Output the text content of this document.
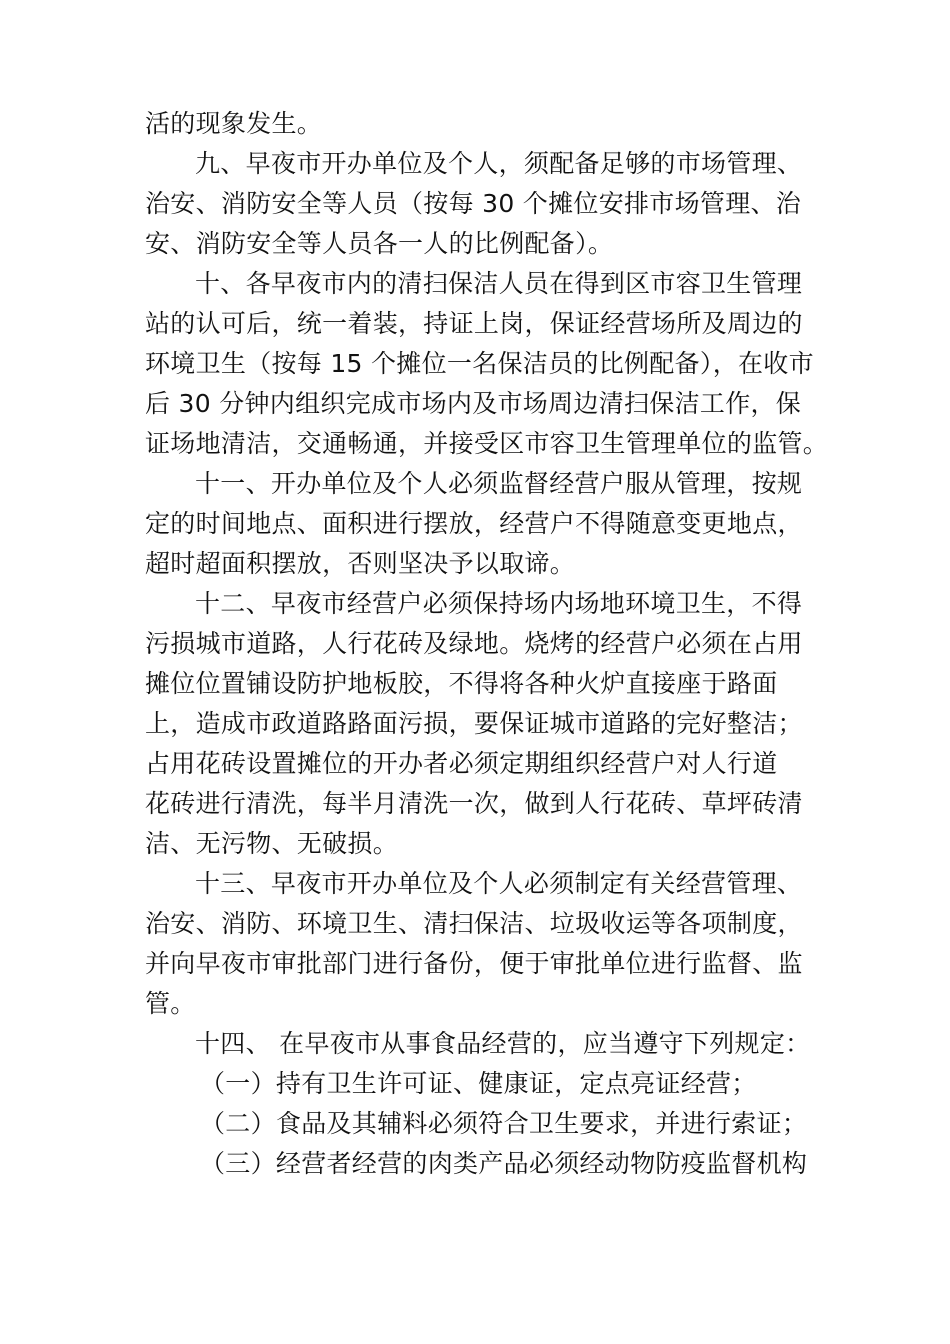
活的现象发生。
九、早夜市开办单位及个人，须配备足够的市场管理、
治安、消防安全等人员（按每 30 个摊位安排市场管理、治
安、消防安全等人员各一人的比例配备）。
十、各早夜市内的清扫保洁人员在得到区市容卫生管理
站的认可后，统一着装，持证上岗，保证经营场所及周边的
环境卫生（按每 15 个摊位一名保洁员的比例配备），在收市
后 30 分钟内组织完成市场内及市场周边清扫保洁工作，保
证场地清洁，交通畅通，并接受区市容卫生管理单位的监管。
十一、开办单位及个人必须监督经营户服从管理，按规
定的时间地点、面积进行摆放，经营户不得随意变更地点，
超时超面积摆放，否则坚决予以取谛。
十二、早夜市经营户必须保持场内场地环境卫生，不得
污损城市道路，人行花砖及绿地。烧烤的经营户必须在占用
摊位位置铺设防护地板胶，不得将各种火炉直接座于路面
上，造成市政道路路面污损，要保证城市道路的完好整洁；
占用花砖设置摊位的开办者必须定期组织经营户对人行道
花砖进行清洗，每半月清洗一次，做到人行花砖、草坪砖清
洁、无污物、无破损。
十三、早夜市开办单位及个人必须制定有关经营管理、
治安、消防、环境卫生、清扫保洁、垃圾收运等各项制度，
并向早夜市审批部门进行备份，便于审批单位进行监督、监
管。
十四、 在早夜市从事食品经营的，应当遵守下列规定：
（一）持有卫生许可证、健康证，定点亮证经营；
（二）食品及其辅料必须符合卫生要求，并进行索证；
（三）经营者经营的肉类产品必须经动物防疫监督机构
